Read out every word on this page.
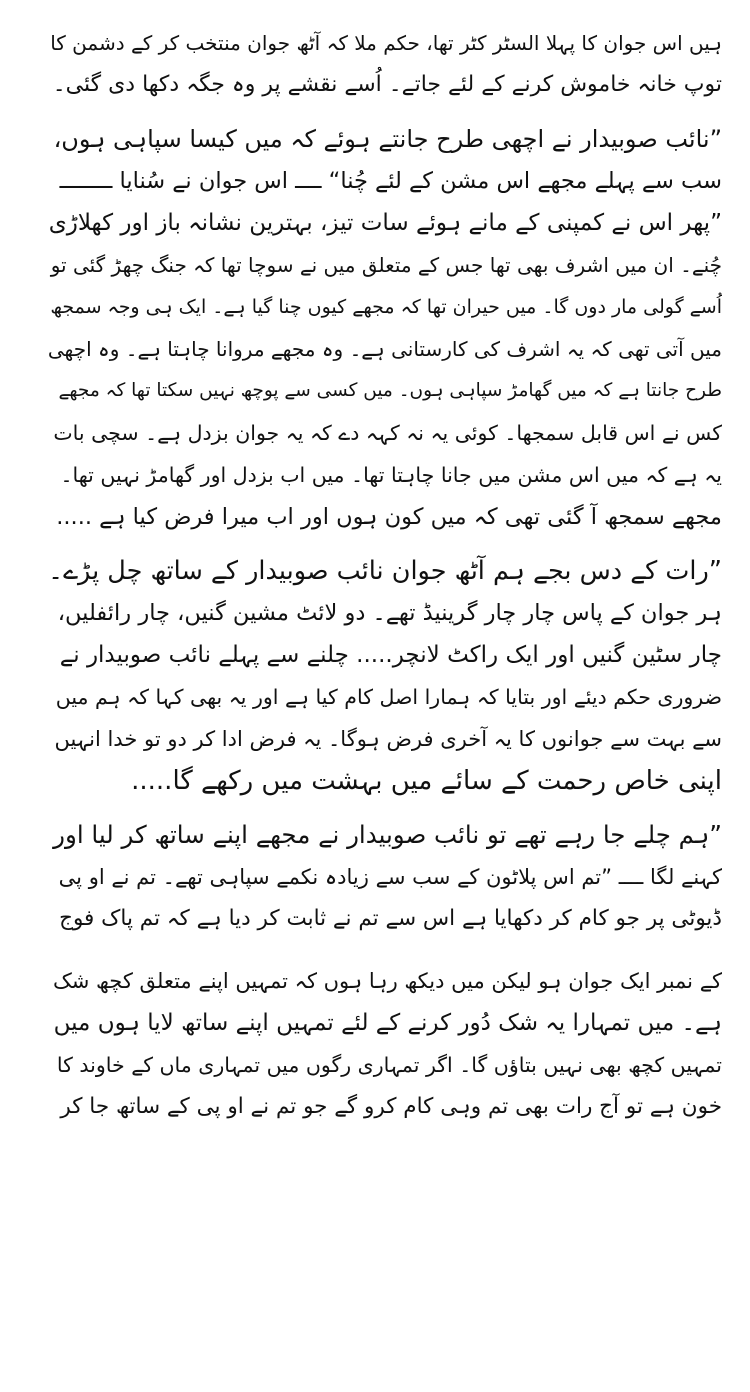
ہیں اس جوان کا پہلا السٹر کٹر تھا، حکم ملا کہ آٹھ جوان منتخب کر کے دشمن کا
توپ خانہ خاموش کرنے کے لئے جاتے۔ اُسے نقشے پر وہ جگہ دکھا دی گئی۔
”نائب صوبیدار نے اچھی طرح جانتے ہوئے کہ میں کیسا سپاہی ہوں،
سب سے پہلے مجھے اس مشن کے لئے چُنا“ ــــ اس جوان نے سُنایا ــــــــ
”پھر اس نے کمپنی کے مانے ہوئے سات تیز، بہترین نشانہ باز اور کھلاڑی
چُنے۔ ان میں اشرف بھی تھا جس کے متعلق میں نے سوچا تھا کہ جنگ چھڑ گئی تو
اُسے گولی مار دوں گا۔ میں حیران تھا کہ مجھے کیوں چنا گیا ہے۔ ایک ہی وجہ سمجھ
میں آتی تھی کہ یہ اشرف کی کارستانی ہے۔ وہ مجھے مروانا چاہتا ہے۔ وہ اچھی
طرح جانتا ہے کہ میں گھامڑ سپاہی ہوں۔ میں کسی سے پوچھ نہیں سکتا تھا کہ مجھے
کس نے اس قابل سمجھا۔ کوئی یہ نہ کہہ دے کہ یہ جوان بزدل ہے۔ سچی بات
یہ ہے کہ میں اس مشن میں جانا چاہتا تھا۔ میں اب بزدل اور گھامڑ نہیں تھا۔
مجھے سمجھ آ گئی تھی کہ میں کون ہوں اور اب میرا فرض کیا ہے .....
”رات کے دس بجے ہم آٹھ جوان نائب صوبیدار کے ساتھ چل پڑے۔
ہر جوان کے پاس چار چار گرینیڈ تھے۔ دو لائٹ مشین گنیں، چار رائفلیں،
چار سٹین گنیں اور ایک راکٹ لانچر..... چلنے سے پہلے نائب صوبیدار نے
ضروری حکم دیئے اور بتایا کہ ہمارا اصل کام کیا ہے اور یہ بھی کہا کہ ہم میں
سے بہت سے جوانوں کا یہ آخری فرض ہوگا۔ یہ فرض ادا کر دو تو خدا انہیں
اپنی خاص رحمت کے سائے میں بہشت میں رکھے گا.....
”ہم چلے جا رہے تھے تو نائب صوبیدار نے مجھے اپنے ساتھ کر لیا اور
کہنے لگا ــــ ”تم اس پلاٹون کے سب سے زیادہ نکمے سپاہی تھے۔ تم نے او پی
ڈیوٹی پر جو کام کر دکھایا ہے اس سے تم نے ثابت کر دیا ہے کہ تم پاک فوج
کے نمبر ایک جوان ہو لیکن میں دیکھ رہا ہوں کہ تمہیں اپنے متعلق کچھ شک
ہے۔ میں تمہارا یہ شک دُور کرنے کے لئے تمہیں اپنے ساتھ لایا ہوں میں
تمہیں کچھ بھی نہیں بتاؤں گا۔ اگر تمہاری رگوں میں تمہاری ماں کے خاوند کا
خون ہے تو آج رات بھی تم وہی کام کرو گے جو تم نے او پی کے ساتھ جا کر
